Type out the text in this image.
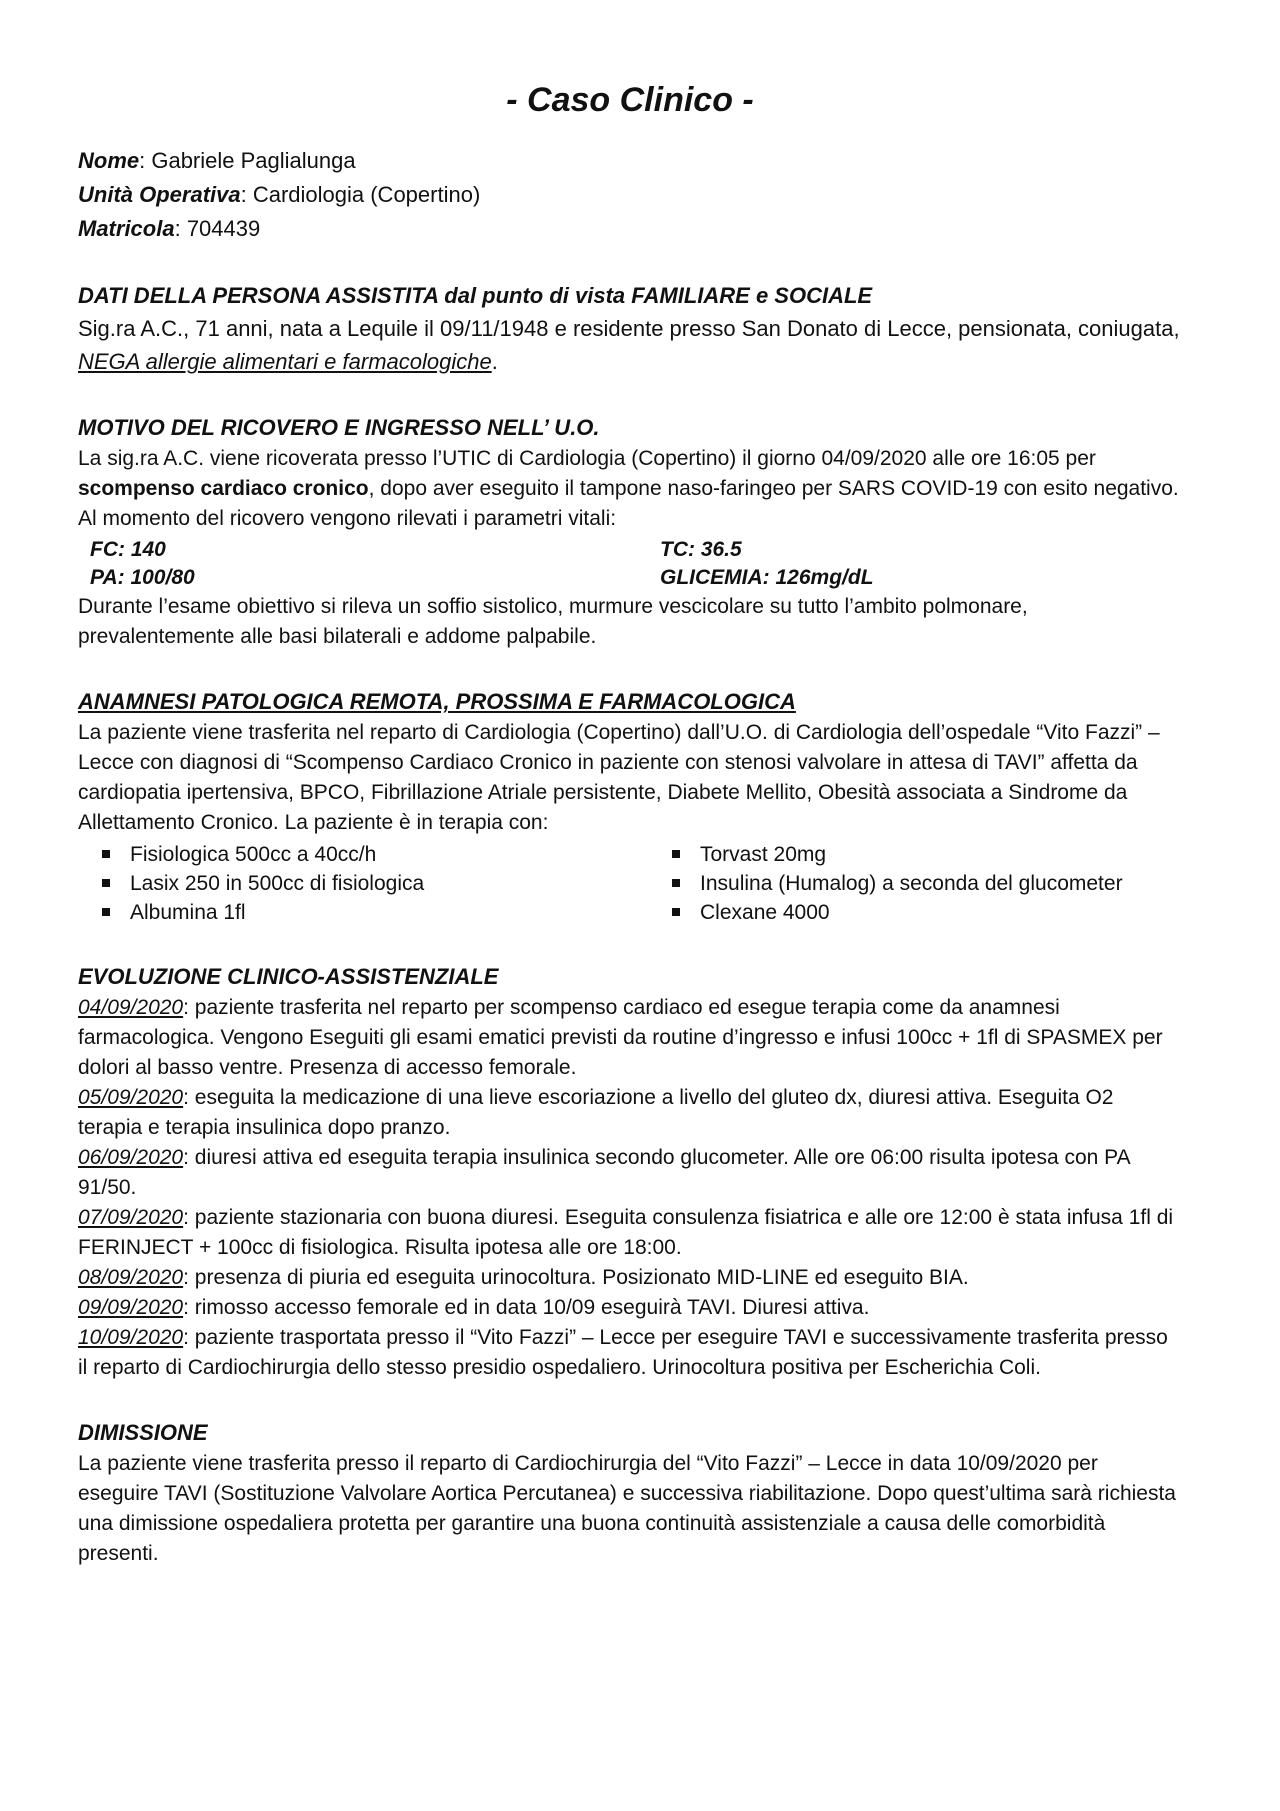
- Caso Clinico -

Nome: Gabriele Paglialunga

Unità Operativa: Cardiologia (Copertino)

Matricola: 704439

DATI DELLA PERSONA ASSISTITA dal punto di vista FAMILIARE e SOCIALE

Sig.ra A.C., 71 anni, nata a Lequile il 09/11/1948 e residente presso San Donato di Lecce, pensionata, coniugata, NEGA allergie alimentari e farmacologiche.

MOTIVO DEL RICOVERO E INGRESSO NELL’ U.O.

La sig.ra A.C. viene ricoverata presso l’UTIC di Cardiologia (Copertino) il giorno 04/09/2020 alle ore 16:05 per scompenso cardiaco cronico, dopo aver eseguito il tampone naso-faringeo per SARS COVID-19 con esito negativo. Al momento del ricovero vengono rilevati i parametri vitali:

FC: 140	TC: 36.5
PA: 100/80	GLICEMIA: 126mg/dL

Durante l’esame obiettivo si rileva un soffio sistolico, murmure vescicolare su tutto l’ambito polmonare, prevalentemente alle basi bilaterali e addome palpabile.

ANAMNESI PATOLOGICA REMOTA, PROSSIMA E FARMACOLOGICA

La paziente viene trasferita nel reparto di Cardiologia (Copertino) dall’U.O. di Cardiologia dell’ospedale “Vito Fazzi” – Lecce con diagnosi di “Scompenso Cardiaco Cronico in paziente con stenosi valvolare in attesa di TAVI” affetta da cardiopatia ipertensiva, BPCO, Fibrillazione Atriale persistente, Diabete Mellito, Obesità associata a Sindrome da Allettamento Cronico. La paziente è in terapia con:

Fisiologica 500cc a 40cc/h
Lasix 250 in 500cc di fisiologica
Albumina 1fl
Torvast 20mg
Insulina (Humalog) a seconda del glucometer
Clexane 4000

EVOLUZIONE CLINICO-ASSISTENZIALE

04/09/2020: paziente trasferita nel reparto per scompenso cardiaco ed esegue terapia come da anamnesi farmacologica. Vengono Eseguiti gli esami ematici previsti da routine d’ingresso e infusi 100cc + 1fl di SPASMEX per dolori al basso ventre. Presenza di accesso femorale.

05/09/2020: eseguita la medicazione di una lieve escoriazione a livello del gluteo dx, diuresi attiva. Eseguita O2 terapia e terapia insulinica dopo pranzo.

06/09/2020: diuresi attiva ed eseguita terapia insulinica secondo glucometer. Alle ore 06:00 risulta ipotesa con PA 91/50.

07/09/2020: paziente stazionaria con buona diuresi. Eseguita consulenza fisiatrica e alle ore 12:00 è stata infusa 1fl di FERINJECT + 100cc di fisiologica. Risulta ipotesa alle ore 18:00.

08/09/2020: presenza di piuria ed eseguita urinocoltura. Posizionato MID-LINE ed eseguito BIA.

09/09/2020: rimosso accesso femorale ed in data 10/09 eseguirà TAVI. Diuresi attiva.

10/09/2020: paziente trasportata presso il “Vito Fazzi” – Lecce per eseguire TAVI e successivamente trasferita presso il reparto di Cardiochirurgia dello stesso presidio ospedaliero. Urinocoltura positiva per Escherichia Coli.

DIMISSIONE

La paziente viene trasferita presso il reparto di Cardiochirurgia del “Vito Fazzi” – Lecce in data 10/09/2020 per eseguire TAVI (Sostituzione Valvolare Aortica Percutanea) e successiva riabilitazione. Dopo quest’ultima sarà richiesta una dimissione ospedaliera protetta per garantire una buona continuità assistenziale a causa delle comorbidità presenti.
